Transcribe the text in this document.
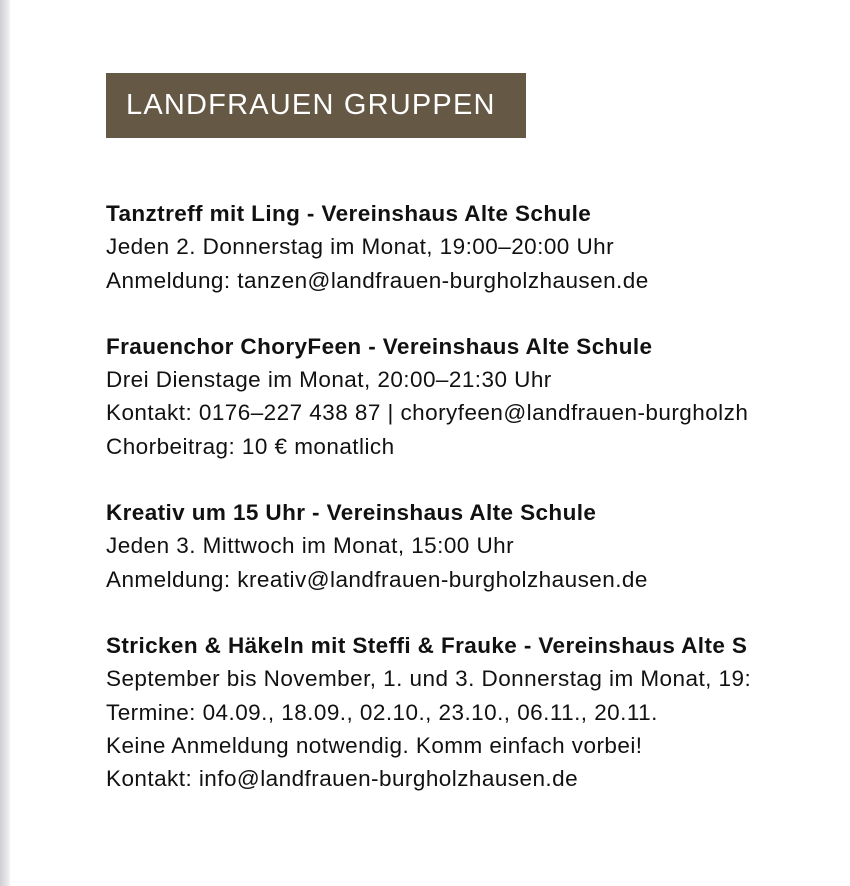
LANDFRAUEN GRUPPEN
Tanztreff mit Ling - Vereinshaus Alte Schule
Jeden 2. Donnerstag im Monat, 19:00–20:00 Uhr
Anmeldung: tanzen@landfrauen-burgholzhausen.de
Frauenchor ChoryFeen - Vereinshaus Alte Schule
Drei Dienstage im Monat, 20:00–21:30 Uhr
Kontakt: 0176–227 438 87 | choryfeen@landfrauen-burgholzh
Chorbeitrag: 10 € monatlich
Kreativ um 15 Uhr - Vereinshaus Alte Schule
Jeden 3. Mittwoch im Monat, 15:00 Uhr
Anmeldung: kreativ@landfrauen-burgholzhausen.de
Stricken & Häkeln mit Steffi & Frauke - Vereinshaus Alte S
September bis November, 1. und 3. Donnerstag im Monat, 19:
Termine: 04.09., 18.09., 02.10., 23.10., 06.11., 20.11.
Keine Anmeldung notwendig. Komm einfach vorbei!
Kontakt: info@landfrauen-burgholzhausen.de
